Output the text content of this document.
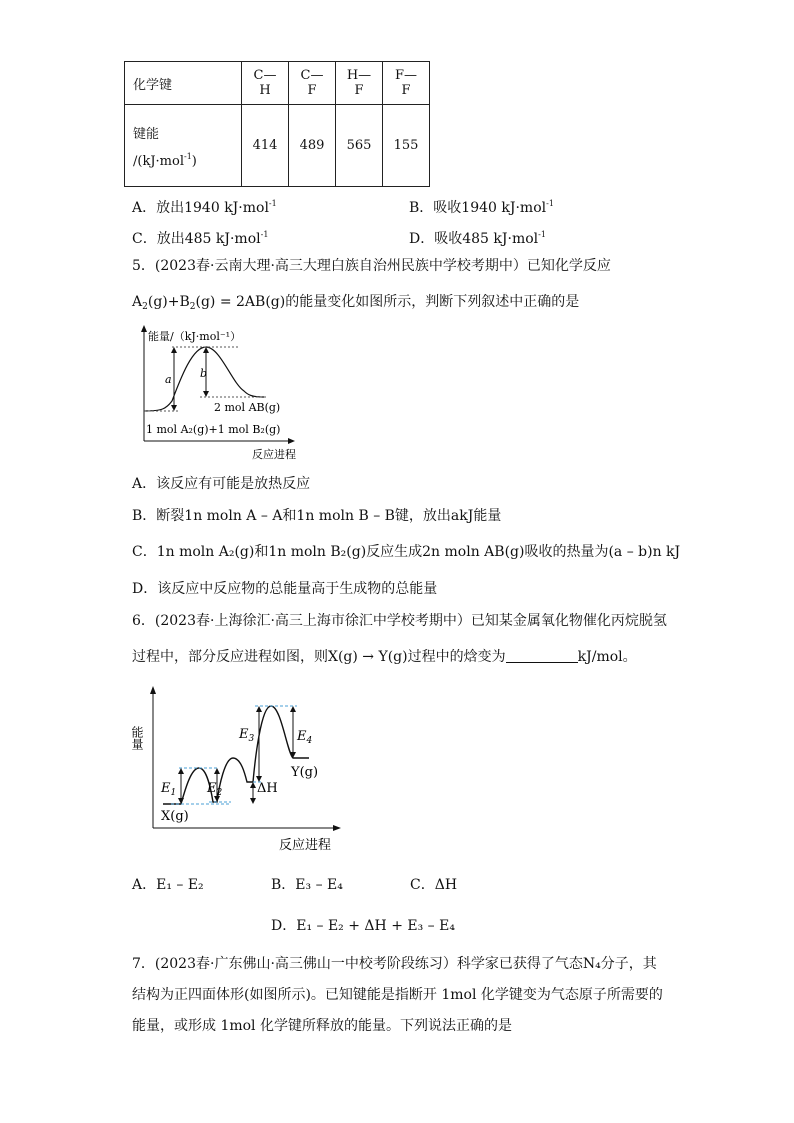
化学键	C—H	C—F	H—F	F—F

键能
/(kJ·mol$^{-1}$)	414	489	565	155
A．放出1940 kJ·mol$^{-1}$	B．吸收1940 kJ·mol$^{-1}$
C．放出485 kJ·mol$^{-1}$	D．吸收485 kJ·mol$^{-1}$
5．(2023春·云南大理·高三大理白族自治州民族中学校考期中）已知化学反应
$A_2(g)+B_2(g) = 2AB(g)$的能量变化如图所示，判断下列叙述中正确的是
能量/（kJ·mol⁻¹）
a	b
2 mol AB(g)
1 mol A₂(g)+1 mol B₂(g)
反应进程
A．该反应有可能是放热反应
B．断裂1n moln A – A和1n moln B – B键，放出akJ能量
C．1n moln A₂(g)和1n moln B₂(g)反应生成2n moln AB(g)吸收的热量为(a – b)n kJ
D．该反应中反应物的总能量高于生成物的总能量
6．(2023春·上海徐汇·高三上海市徐汇中学校考期中）已知某金属氧化物催化丙烷脱氢
过程中，部分反应进程如图，则X(g) → Y(g)过程中的焓变为	kJ/mol。
能量
$E_1$ $E_2$
$E_3$	$E_4$
ΔH
X(g)
Y(g)
反应进程
A．E₁ – E₂	B．E₃ – E₄	C．ΔH
D．E₁ – E₂ + ΔH + E₃ – E₄
7．(2023春·广东佛山·高三佛山一中校考阶段练习）科学家已获得了气态N₄分子，其
结构为正四面体形(如图所示)。已知键能是指断开 1mol 化学键变为气态原子所需要的
能量，或形成 1mol 化学键所释放的能量。下列说法正确的是
